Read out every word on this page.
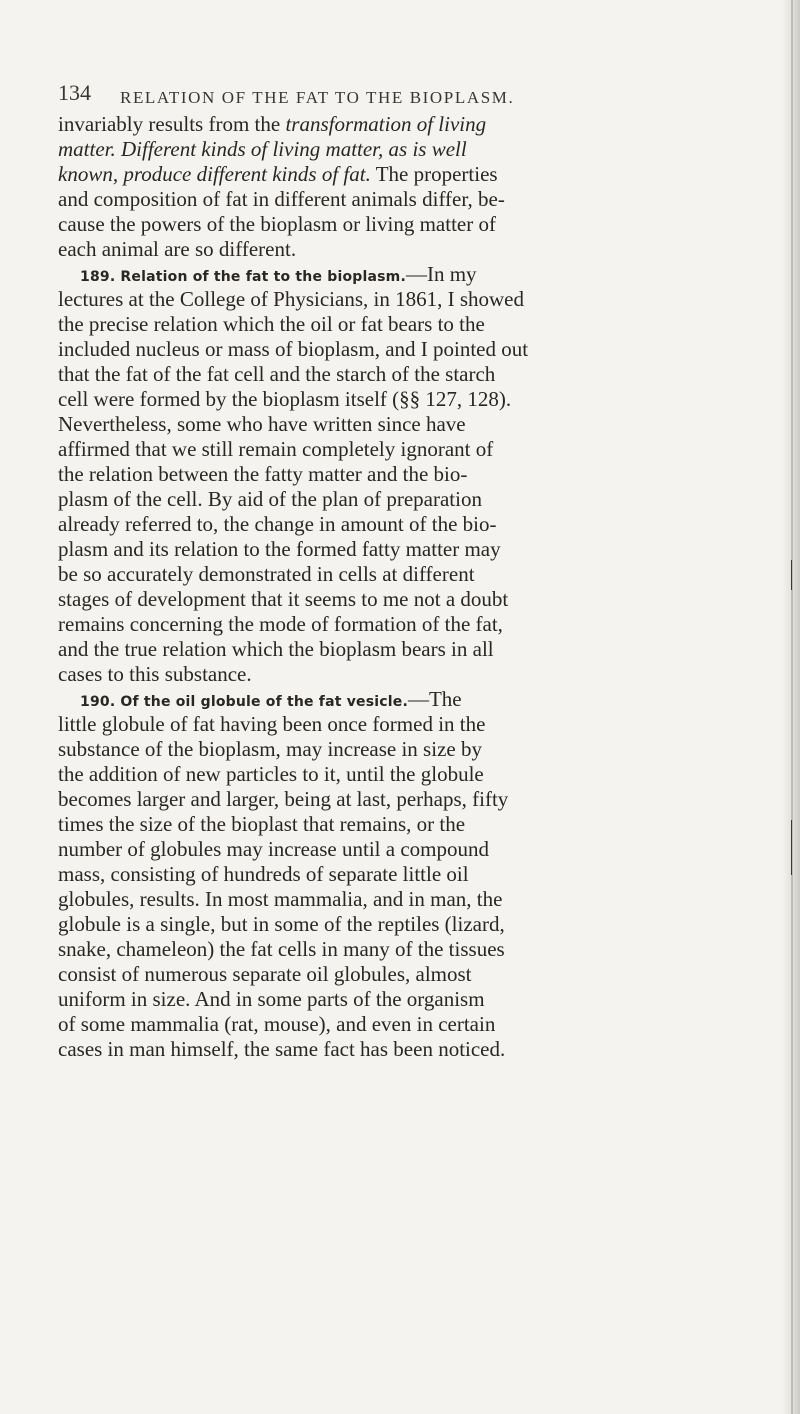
134 RELATION OF THE FAT TO THE BIOPLASM.
invariably results from the transformation of living
matter. Different kinds of living matter, as is well
known, produce different kinds of fat. The properties
and composition of fat in different animals differ, be-
cause the powers of the bioplasm or living matter of
each animal are so different.
189. Relation of the fat to the bioplasm.—In my
lectures at the College of Physicians, in 1861, I showed
the precise relation which the oil or fat bears to the
included nucleus or mass of bioplasm, and I pointed out
that the fat of the fat cell and the starch of the starch
cell were formed by the bioplasm itself (§§ 127, 128).
Nevertheless, some who have written since have
affirmed that we still remain completely ignorant of
the relation between the fatty matter and the bio-
plasm of the cell. By aid of the plan of preparation
already referred to, the change in amount of the bio-
plasm and its relation to the formed fatty matter may
be so accurately demonstrated in cells at different
stages of development that it seems to me not a doubt
remains concerning the mode of formation of the fat,
and the true relation which the bioplasm bears in all
cases to this substance.
190. Of the oil globule of the fat vesicle.—The
little globule of fat having been once formed in the
substance of the bioplasm, may increase in size by
the addition of new particles to it, until the globule
becomes larger and larger, being at last, perhaps, fifty
times the size of the bioplast that remains, or the
number of globules may increase until a compound
mass, consisting of hundreds of separate little oil
globules, results. In most mammalia, and in man, the
globule is a single, but in some of the reptiles (lizard,
snake, chameleon) the fat cells in many of the tissues
consist of numerous separate oil globules, almost
uniform in size. And in some parts of the organism
of some mammalia (rat, mouse), and even in certain
cases in man himself, the same fact has been noticed.
